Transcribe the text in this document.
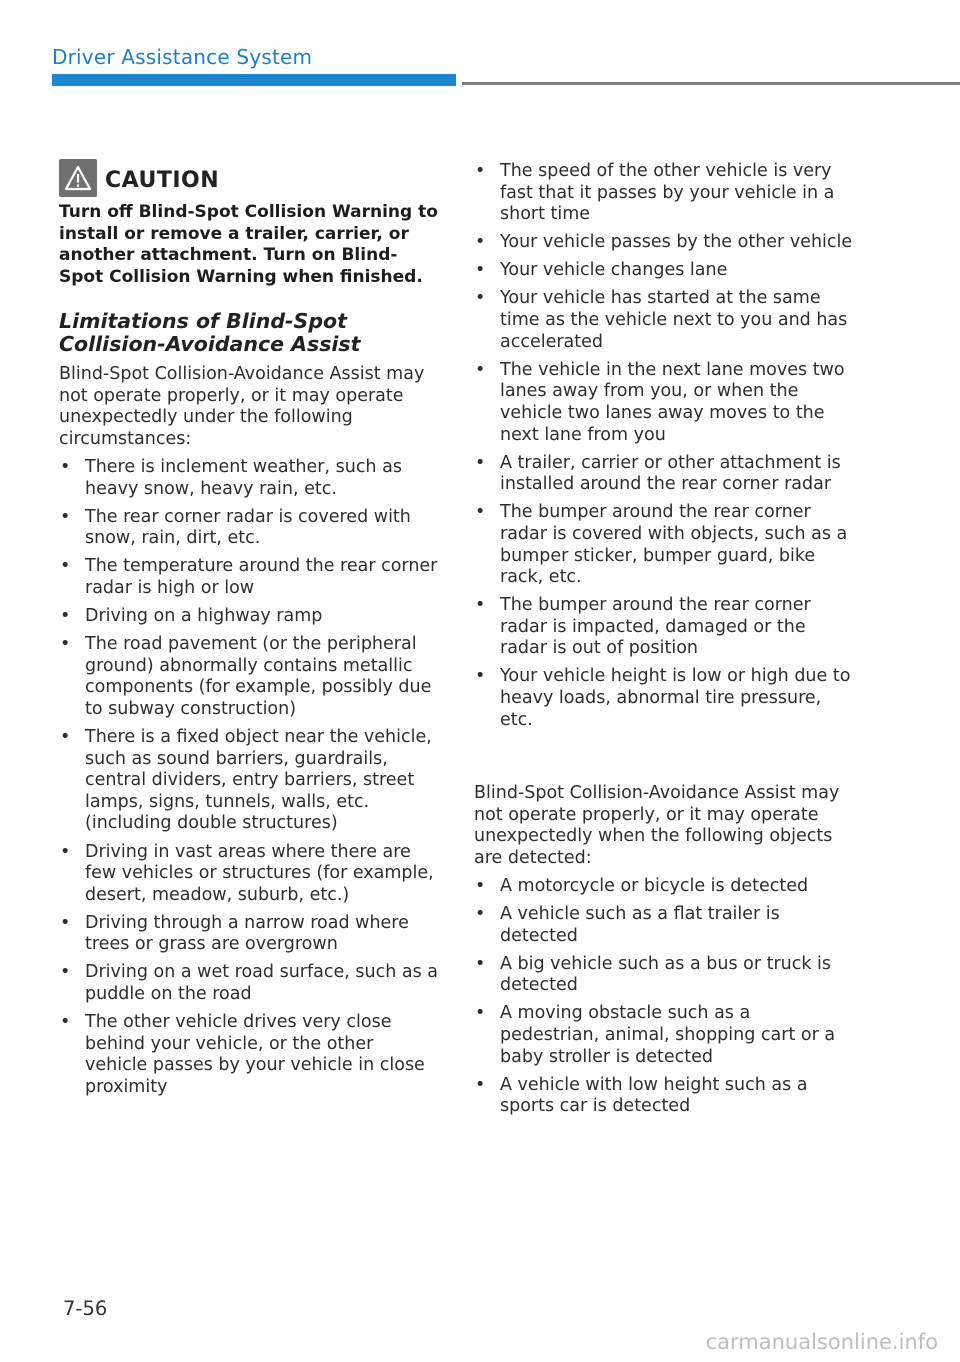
Driver Assistance System
CAUTION
Turn off Blind-Spot Collision Warning to install or remove a trailer, carrier, or another attachment. Turn on Blind-Spot Collision Warning when finished.
Limitations of Blind-Spot Collision-Avoidance Assist
Blind-Spot Collision-Avoidance Assist may not operate properly, or it may operate unexpectedly under the following circumstances:
• There is inclement weather, such as heavy snow, heavy rain, etc.
• The rear corner radar is covered with snow, rain, dirt, etc.
• The temperature around the rear corner radar is high or low
• Driving on a highway ramp
• The road pavement (or the peripheral ground) abnormally contains metallic components (for example, possibly due to subway construction)
• There is a fixed object near the vehicle, such as sound barriers, guardrails, central dividers, entry barriers, street lamps, signs, tunnels, walls, etc. (including double structures)
• Driving in vast areas where there are few vehicles or structures (for example, desert, meadow, suburb, etc.)
• Driving through a narrow road where trees or grass are overgrown
• Driving on a wet road surface, such as a puddle on the road
• The other vehicle drives very close behind your vehicle, or the other vehicle passes by your vehicle in close proximity
• The speed of the other vehicle is very fast that it passes by your vehicle in a short time
• Your vehicle passes by the other vehicle
• Your vehicle changes lane
• Your vehicle has started at the same time as the vehicle next to you and has accelerated
• The vehicle in the next lane moves two lanes away from you, or when the vehicle two lanes away moves to the next lane from you
• A trailer, carrier or other attachment is installed around the rear corner radar
• The bumper around the rear corner radar is covered with objects, such as a bumper sticker, bumper guard, bike rack, etc.
• The bumper around the rear corner radar is impacted, damaged or the radar is out of position
• Your vehicle height is low or high due to heavy loads, abnormal tire pressure, etc.
Blind-Spot Collision-Avoidance Assist may not operate properly, or it may operate unexpectedly when the following objects are detected:
• A motorcycle or bicycle is detected
• A vehicle such as a flat trailer is detected
• A big vehicle such as a bus or truck is detected
• A moving obstacle such as a pedestrian, animal, shopping cart or a baby stroller is detected
• A vehicle with low height such as a sports car is detected
7-56
carmanualsonline.info
